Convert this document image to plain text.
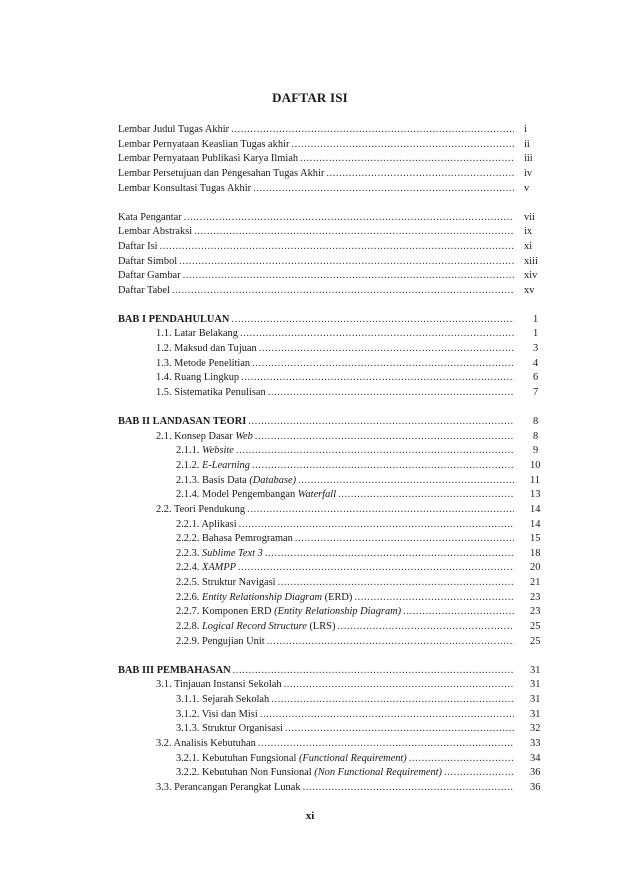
DAFTAR ISI
Lembar Judul Tugas Akhir .....	i
Lembar Pernyataan Keaslian Tugas akhir .....	ii
Lembar Pernyataan Publikasi Karya Ilmiah .....	iii
Lembar Persetujuan dan Pengesahan Tugas Akhir .....	iv
Lembar Konsultasi Tugas Akhir .....	v
Kata Pengantar .....	vii
Lembar Abstraksi .....	ix
Daftar Isi .....	xi
Daftar Simbol .....	xiii
Daftar Gambar .....	xiv
Daftar Tabel .....	xv
BAB I PENDAHULUAN .....	1
1.1. Latar Belakang .....	1
1.2. Maksud dan Tujuan .....	3
1.3. Metode Penelitian .....	4
1.4. Ruang Lingkup .....	6
1.5. Sistematika Penulisan .....	7
BAB II LANDASAN TEORI .....	8
2.1. Konsep Dasar Web .....	8
2.1.1. Website .....	9
2.1.2. E-Learning .....	10
2.1.3. Basis Data (Database) .....	11
2.1.4. Model Pengembangan Waterfall .....	13
2.2. Teori Pendukung .....	14
2.2.1. Aplikasi .....	14
2.2.2. Bahasa Pemrograman .....	15
2.2.3. Sublime Text 3 .....	18
2.2.4. XAMPP .....	20
2.2.5. Struktur Navigasi .....	21
2.2.6. Entity Relationship Diagram (ERD) .....	23
2.2.7. Komponen ERD (Entity Relationship Diagram) .....	23
2.2.8. Logical Record Structure (LRS) .....	25
2.2.9. Pengujian Unit .....	25
BAB III PEMBAHASAN .....	31
3.1. Tinjauan Instansi Sekolah .....	31
3.1.1. Sejarah Sekolah .....	31
3.1.2. Visi dan Misi .....	31
3.1.3. Struktur Organisasi .....	32
3.2. Analisis Kebutuhan .....	33
3.2.1. Kebutuhan Fungsional (Functional Requirement) .....	34
3.2.2. Kebutuhan Non Funsional (Non Functional Requirement) .....	36
3.3. Perancangan Perangkat Lunak .....	36
xi
